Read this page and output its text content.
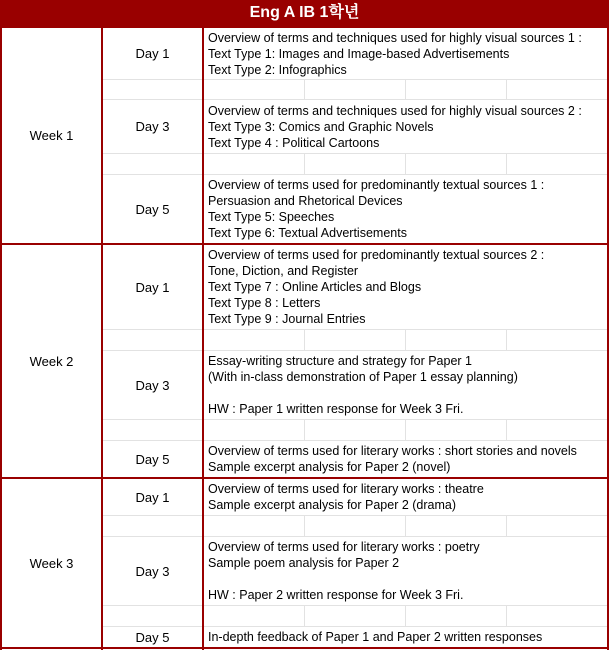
Eng A IB 1학년
Week 1
Week 2
Week 3
Day 1
Overview of terms and techniques used for highly visual sources 1 :
Text Type 1: Images and Image-based Advertisements
Text Type 2: Infographics
Day 3
Overview of terms and techniques used for highly visual sources 2 :
Text Type 3: Comics and Graphic Novels
Text Type 4 : Political Cartoons
Day 5
Overview of terms used for predominantly textual sources 1 :
Persuasion and Rhetorical Devices
Text Type 5: Speeches
Text Type 6: Textual Advertisements
Day 1
Overview of terms used for predominantly textual sources 2 :
Tone, Diction, and Register
Text Type 7 : Online Articles and Blogs
Text Type 8 : Letters
Text Type 9 : Journal Entries
Day 3
Essay-writing structure and strategy for Paper 1
(With in-class demonstration of Paper 1 essay planning)

HW : Paper 1 written response for Week 3 Fri.
Day 5
Overview of terms used for literary works : short stories and novels
Sample excerpt analysis for Paper 2 (novel)
Day 1
Overview of terms used for literary works : theatre
Sample excerpt analysis for Paper 2 (drama)
Day 3
Overview of terms used for literary works : poetry
Sample poem analysis for Paper 2

HW : Paper 2 written response for Week 3 Fri.
Day 5	In-depth feedback of Paper 1 and Paper 2 written responses
